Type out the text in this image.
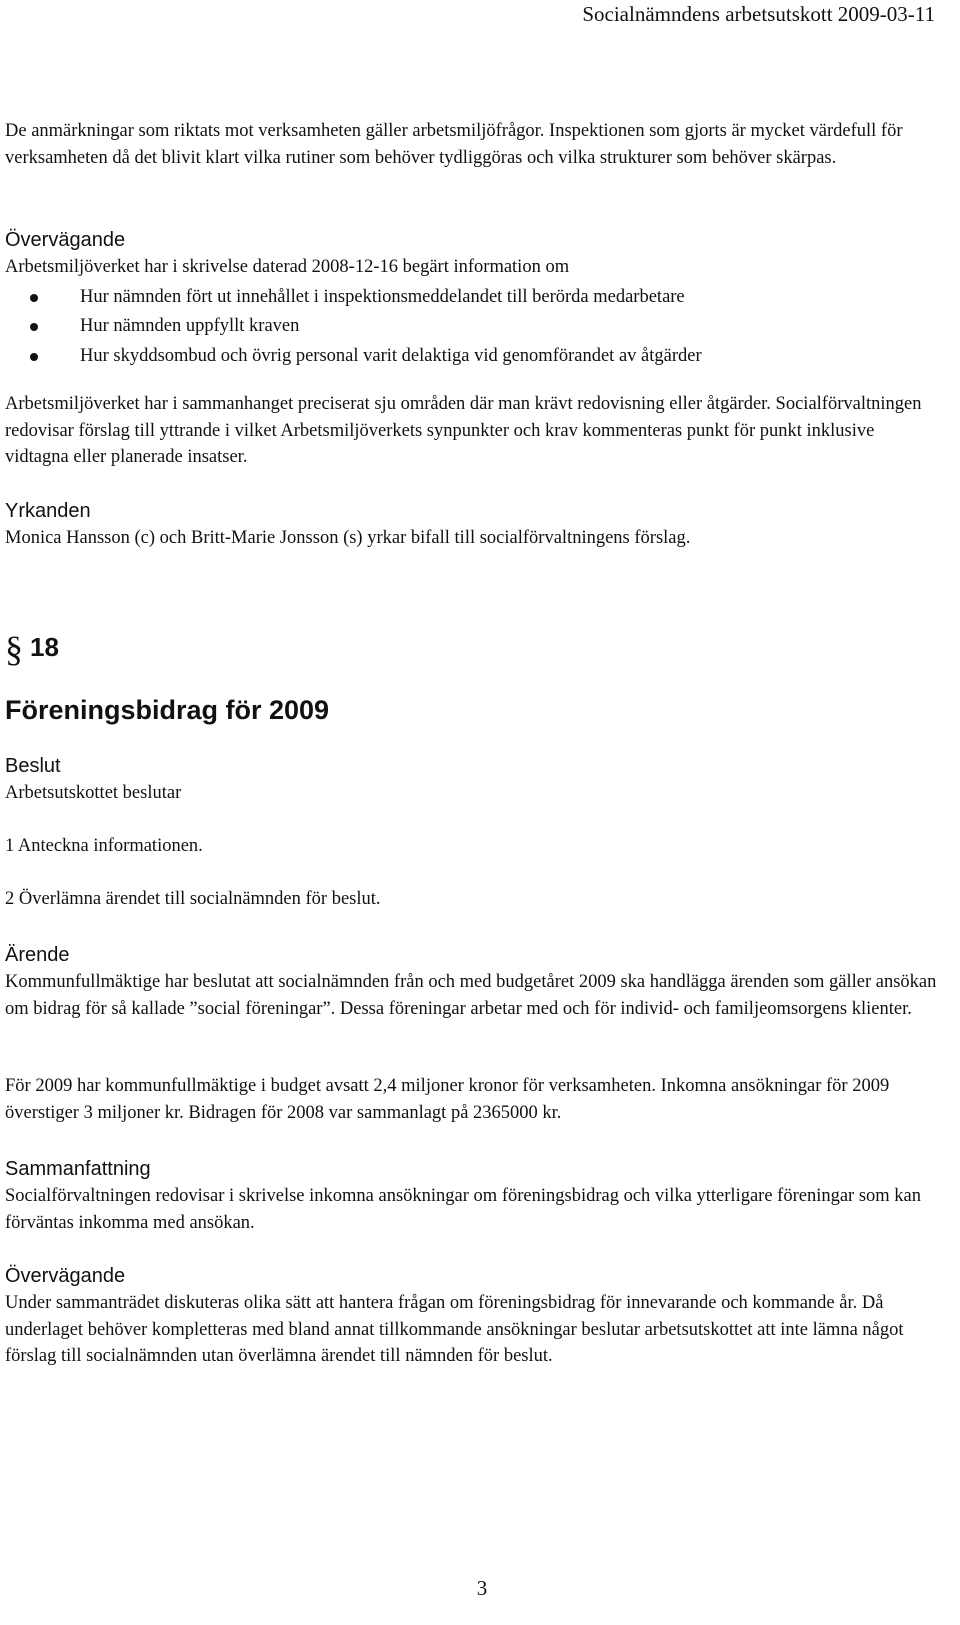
Socialnämndens arbetsutskott 2009-03-11

De anmärkningar som riktats mot verksamheten gäller arbetsmiljöfrågor. Inspektionen som gjorts är mycket värdefull för verksamheten då det blivit klart vilka rutiner som behöver tydliggöras och vilka strukturer som behöver skärpas.

Övervägande

Arbetsmiljöverket har i skrivelse daterad 2008-12-16 begärt information om

Hur nämnden fört ut innehållet i inspektionsmeddelandet till berörda medarbetare
Hur nämnden uppfyllt kraven
Hur skyddsombud och övrig personal varit delaktiga vid genomförandet av åtgärder

Arbetsmiljöverket har i sammanhanget preciserat sju områden där man krävt redovisning eller åtgärder. Socialförvaltningen redovisar förslag till yttrande i vilket Arbetsmiljöverkets synpunkter och krav kommenteras punkt för punkt inklusive vidtagna eller planerade insatser.

Yrkanden

Monica Hansson (c) och Britt-Marie Jonsson (s) yrkar bifall till socialförvaltningens förslag.

§ 18
Föreningsbidrag för 2009

Beslut

Arbetsutskottet beslutar

1 Anteckna informationen.

2 Överlämna ärendet till socialnämnden för beslut.

Ärende

Kommunfullmäktige har beslutat att socialnämnden från och med budgetåret 2009 ska handlägga ärenden som gäller ansökan om bidrag för så kallade ”social föreningar”. Dessa föreningar arbetar med och för individ- och familjeomsorgens klienter.

För 2009 har kommunfullmäktige i budget avsatt 2,4 miljoner kronor för verksamheten. Inkomna ansökningar för 2009 överstiger 3 miljoner kr. Bidragen för 2008 var sammanlagt på 2365000 kr.

Sammanfattning

Socialförvaltningen redovisar i skrivelse inkomna ansökningar om föreningsbidrag och vilka ytterligare föreningar som kan förväntas inkomma med ansökan.

Övervägande

Under sammanträdet diskuteras olika sätt att hantera frågan om föreningsbidrag för innevarande och kommande år. Då underlaget behöver kompletteras med bland annat tillkommande ansökningar beslutar arbetsutskottet att inte lämna något förslag till socialnämnden utan överlämna ärendet till nämnden för beslut.

3
